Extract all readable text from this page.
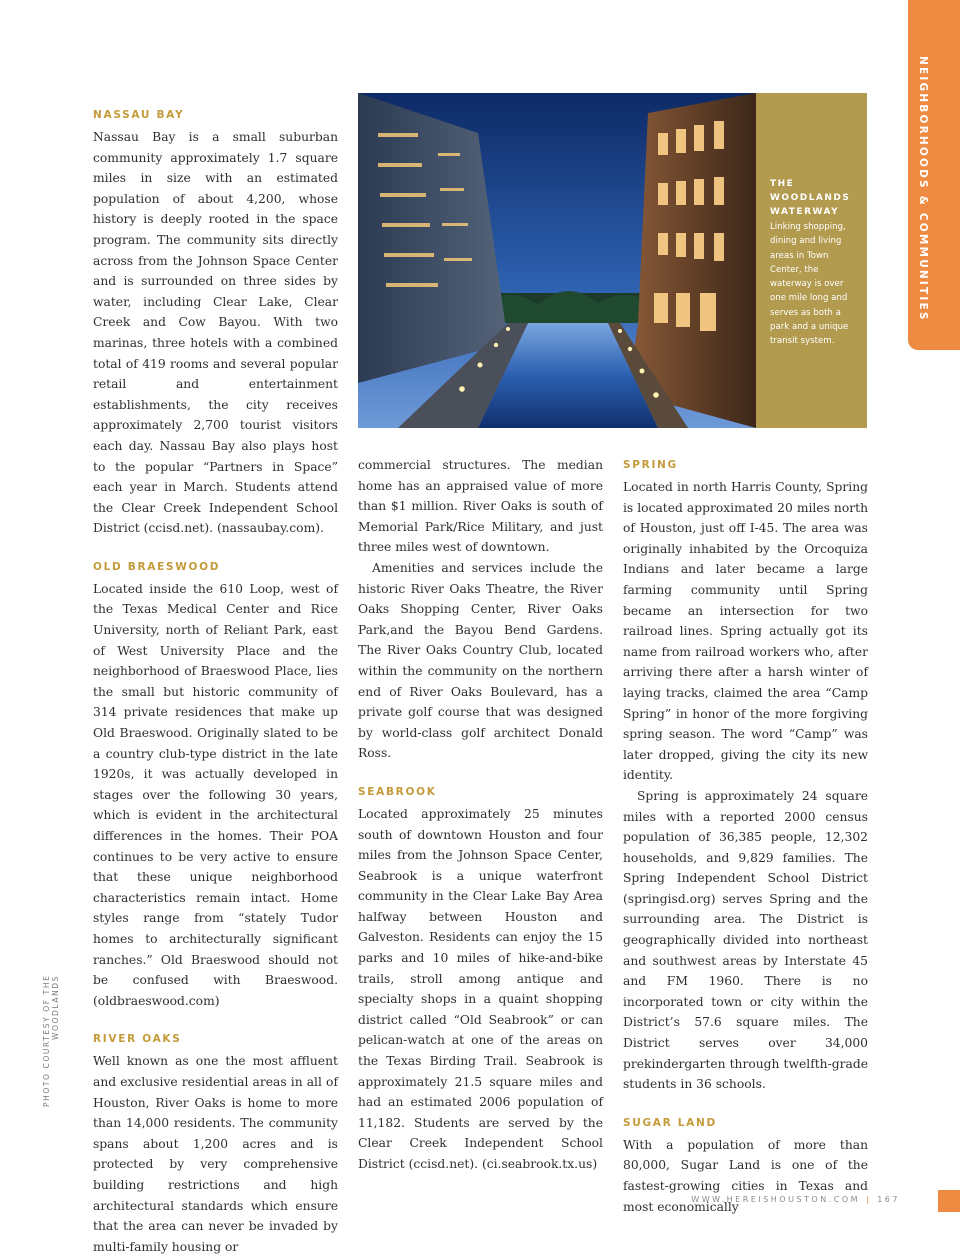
NEIGHBORHOODS & COMMUNITIES
THE WOODLANDS WATERWAY
Linking shopping, dining and living areas in Town Center, the waterway is over one mile long and serves as both a park and a unique transit system.
NASSAU BAY

Nassau Bay is a small suburban community approximately 1.7 square miles in size with an estimated population of about 4,200, whose history is deeply rooted in the space program. The community sits directly across from the Johnson Space Center and is surrounded on three sides by water, including Clear Lake, Clear Creek and Cow Bayou. With two marinas, three hotels with a combined total of 419 rooms and several popular retail and entertainment establishments, the city receives approximately 2,700 tourist visitors each day. Nassau Bay also plays host to the popular “Partners in Space” each year in March. Students attend the Clear Creek Independent School District (ccisd.net). (nassaubay.com).

OLD BRAESWOOD

Located inside the 610 Loop, west of the Texas Medical Center and Rice University, north of Reliant Park, east of West University Place and the neighborhood of Braeswood Place, lies the small but historic community of 314 private residences that make up Old Braeswood. Originally slated to be a country club-type district in the late 1920s, it was actually developed in stages over the following 30 years, which is evident in the architectural differences in the homes. Their POA continues to be very active to ensure that these unique neighborhood characteristics remain intact. Home styles range from “stately Tudor homes to architecturally significant ranches.” Old Braeswood should not be confused with Braeswood. (oldbraeswood.com)

RIVER OAKS

Well known as one the most affluent and exclusive residential areas in all of Houston, River Oaks is home to more than 14,000 residents. The community spans about 1,200 acres and is protected by very comprehensive building restrictions and high architectural standards which ensure that the area can never be invaded by multi-family housing or

commercial structures. The median home has an appraised value of more than $1 million. River Oaks is south of Memorial Park/Rice Military, and just three miles west of downtown.

Amenities and services include the historic River Oaks Theatre, the River Oaks Shopping Center, River Oaks Park,and the Bayou Bend Gardens. The River Oaks Country Club, located within the community on the northern end of River Oaks Boulevard, has a private golf course that was designed by world-class golf architect Donald Ross.

SEABROOK

Located approximately 25 minutes south of downtown Houston and four miles from the Johnson Space Center, Seabrook is a unique waterfront community in the Clear Lake Bay Area halfway between Houston and Galveston. Residents can enjoy the 15 parks and 10 miles of hike-and-bike trails, stroll among antique and specialty shops in a quaint shopping district called “Old Seabrook” or can pelican-watch at one of the areas on the Texas Birding Trail. Seabrook is approximately 21.5 square miles and had an estimated 2006 population of 11,182. Students are served by the Clear Creek Independent School District (ccisd.net). (ci.seabrook.tx.us)

SPRING

Located in north Harris County, Spring is located approximated 20 miles north of Houston, just off I-45. The area was originally inhabited by the Orcoquiza Indians and later became a large farming community until Spring became an intersection for two railroad lines. Spring actually got its name from railroad workers who, after arriving there after a harsh winter of laying tracks, claimed the area “Camp Spring” in honor of the more forgiving spring season. The word “Camp” was later dropped, giving the city its new identity.

Spring is approximately 24 square miles with a reported 2000 census population of 36,385 people, 12,302 households, and 9,829 families. The Spring Independent School District (springisd.org) serves Spring and the surrounding area. The District is geographically divided into northeast and southwest areas by Interstate 45 and FM 1960. There is no incorporated town or city within the District’s 57.6 square miles. The District serves over 34,000 prekindergarten through twelfth-grade students in 36 schools.

SUGAR LAND

With a population of more than 80,000, Sugar Land is one of the fastest-growing cities in Texas and most economically

PHOTO COURTESY OF THE WOODLANDS
WWW.HEREISHOUSTON.COM | 167
